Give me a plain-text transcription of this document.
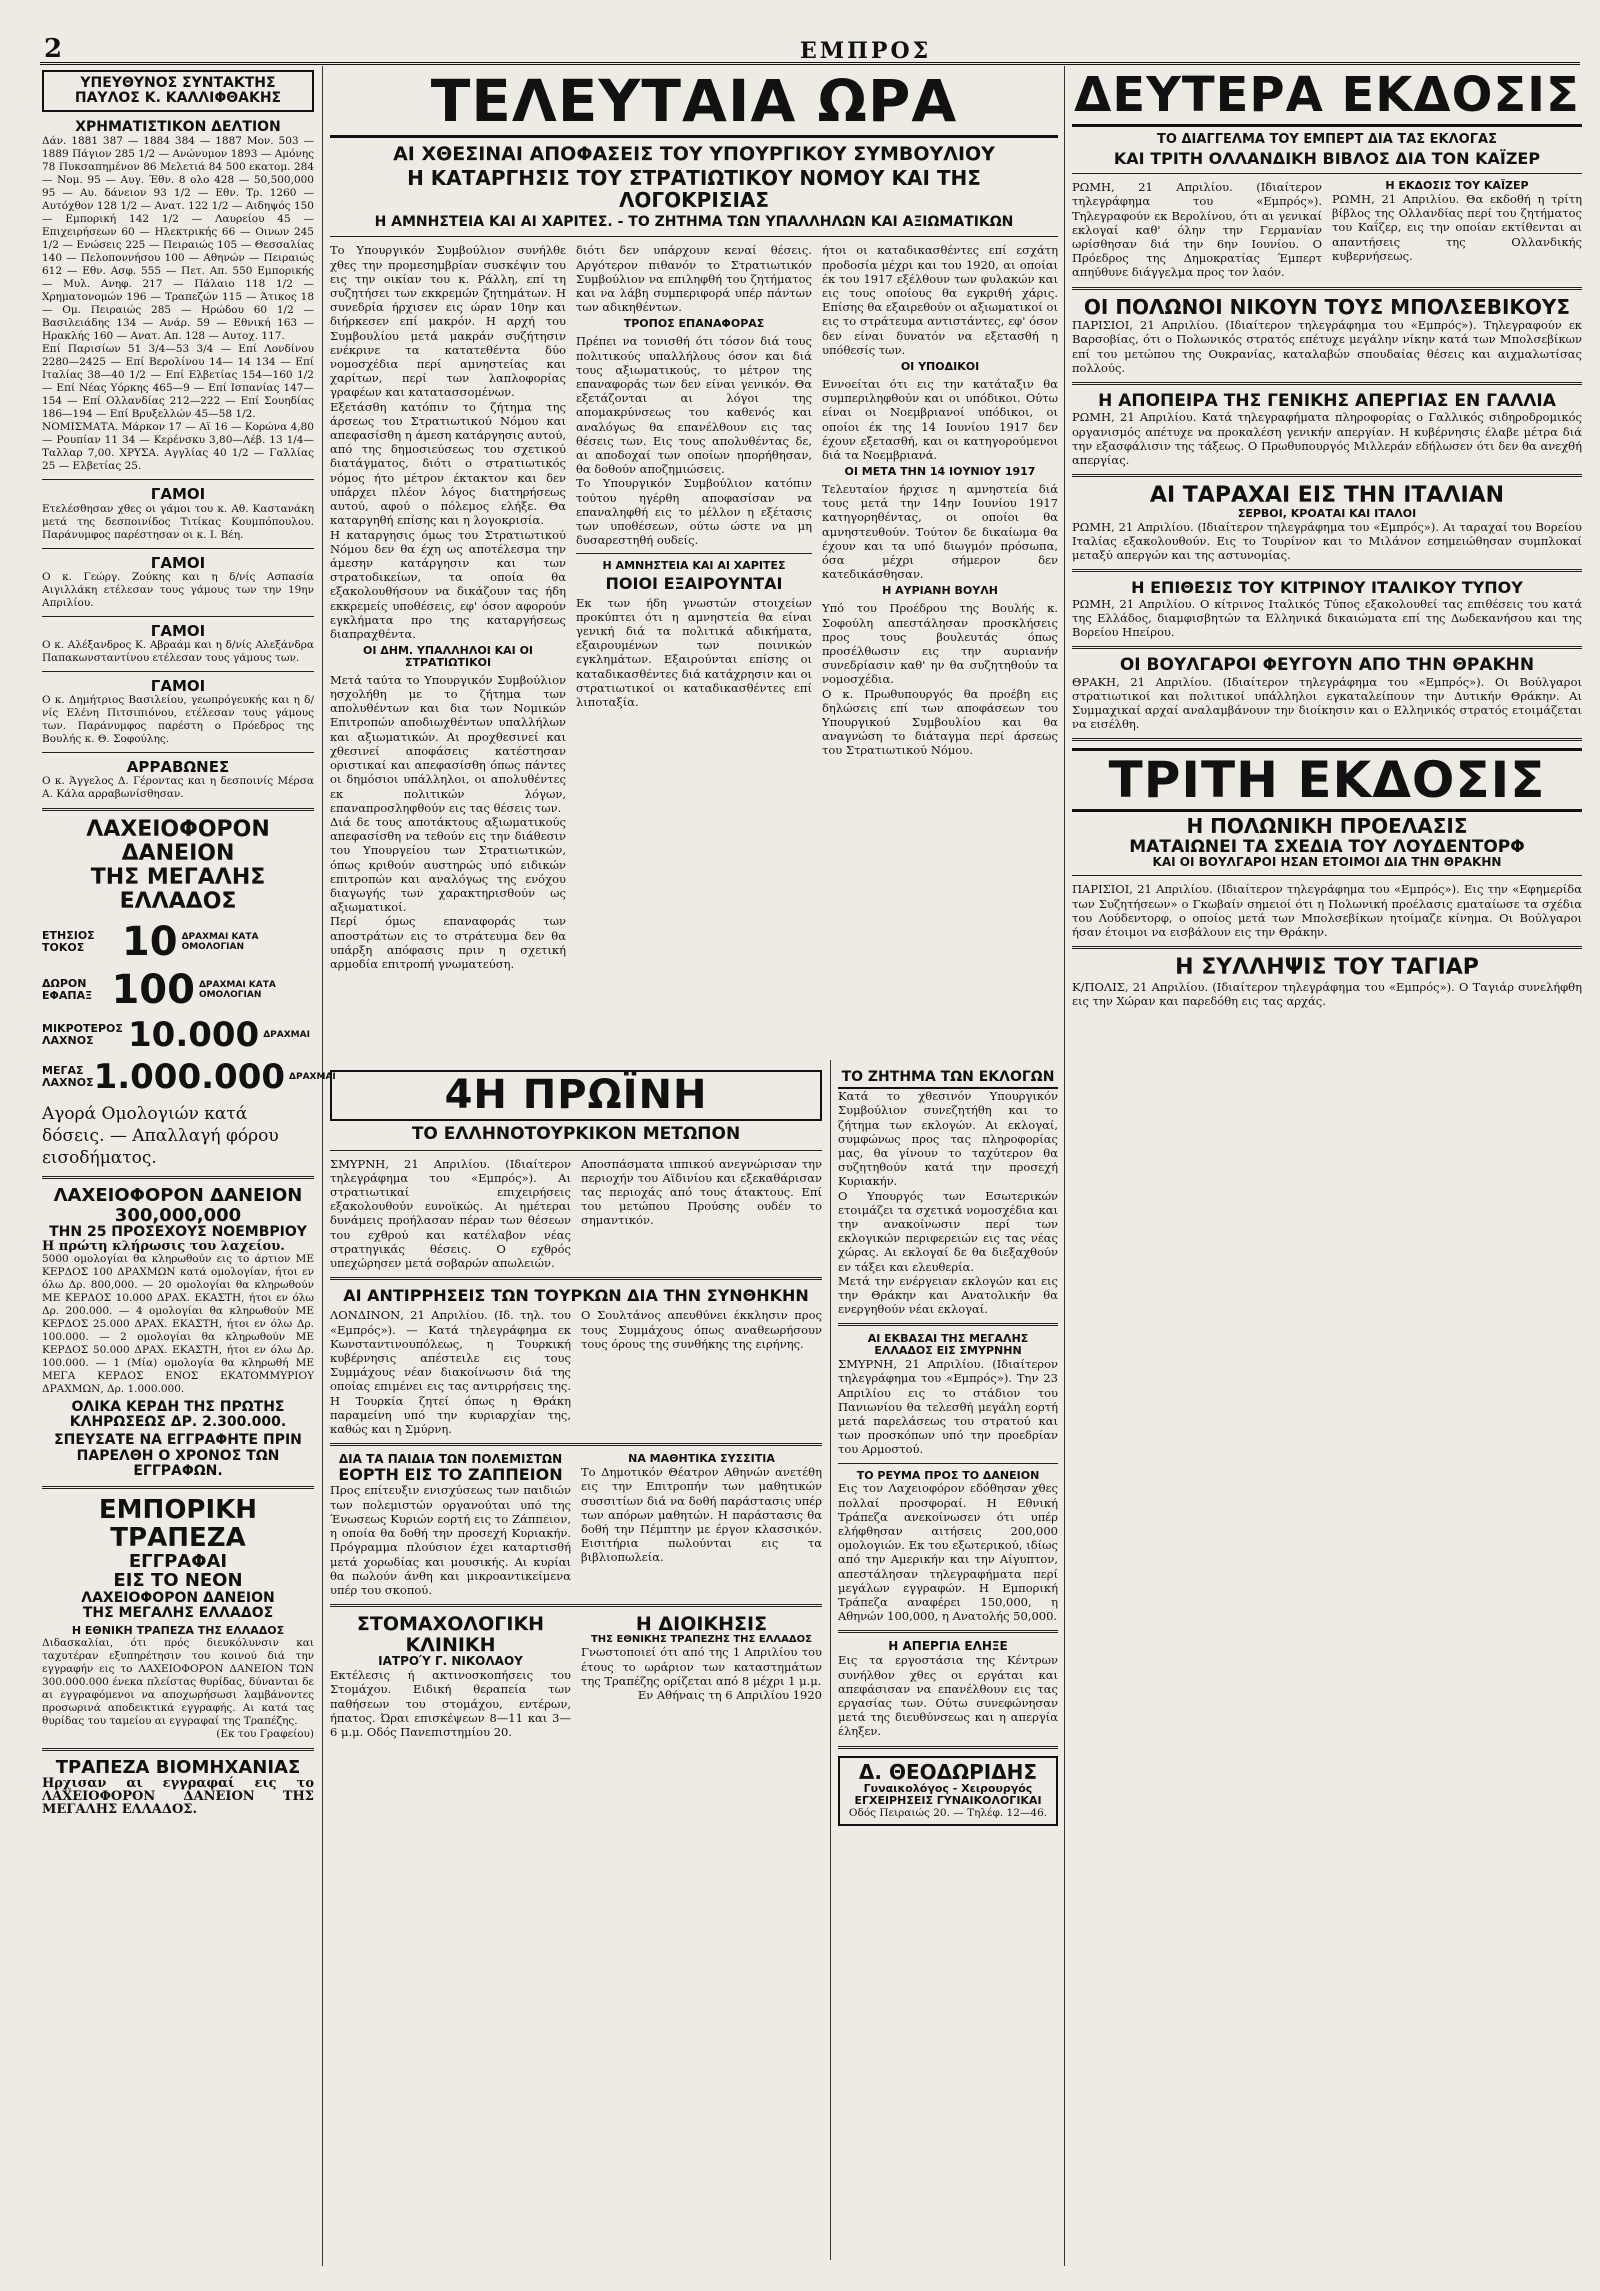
2	ΕΜΠΡΟΣ
ΥΠΕΥΘΥΝΟΣ ΣΥΝΤΑΚΤΗΣ
ΠΑΥΛΟΣ Κ. ΚΑΛΛΙΦΘΑΚΗΣ
ΧΡΗΜΑΤΙΣΤΙΚΟΝ ΔΕΛΤΙΟΝ

Δάν. 1881 387 — 1884 384 — 1887 Μον. 503 — 1889 Πάγιον 285 1/2 — Ανώνυμον 1893 — Αμόνης 78 Πυκσαπημένον 86 Μελετιά 84 500 εκατομ. 284 — Νομ. 95 — Αυγ. Έθν. 8 ολο 428 — 50,500,000 95 — Αυ. δάνειον 93 1/2 — Εθν. Τρ. 1260 — Αυτόχθον 128 1/2 — Ανατ. 122 1/2 — Αιδηψός 150 — Εμπορική 142 1/2 — Λαυρείου 45 — Επιχειρήσεων 60 — Ηλεκτρικής 66 — Οινων 245 1/2 — Ενώσεις 225 — Πειραιώς 105 — Θεσσαλίας 140 — Πελοποννήσου 100 — Αθηνών — Πειραιώς 612 — Εθν. Ασφ. 555 — Πετ. Απ. 550 Εμπορικής — Μυλ. Ανηφ. 217 — Πάλαιο 118 1/2 — Χρηματονομών 196 — Τραπεζών 115 — Άτικος 18 — Ομ. Πειραιώς 285 — Ηρώδου 60 1/2 — Βασιλειάδης 134 — Ανάρ. 59 — Εθνική 163 — Ηρακλής 160 — Ανατ. Απ. 128 — Αυτοχ. 117.

Επί Παρισίων 51 3/4—53 3/4 — Επί Λονδίνου 2280—2425 — Επί Βερολίνου 14— 14 134 — Επί Ιταλίας 38—40 1/2 — Επί Ελβετίας 154—160 1/2 — Επί Νέας Υόρκης 465—9 — Επί Ισπανίας 147—154 — Επί Ολλανδίας 212—222 — Επί Σουηδίας 186—194 — Επί Βρυξελλών 45—58 1/2.

ΝΟΜΙΣΜΑΤΑ. Μάρκον 17 — Αϊ 16 — Κορώνα 4,80 — Ρουπίαν 11 34 — Κερένσκυ 3,80—Λέβ. 13 1/4—Ταλλαρ 7,00. ΧΡΥΣΑ. Αγγλίας 40 1/2 — Γαλλίας 25 — Ελβετίας 25.

ΓΑΜΟΙ

Ετελέσθησαν χθες οι γάμοι του κ. Αθ. Καστανάκη μετά της δεσποινίδος Τιτίκας Κουμπόπουλου. Παράνυμφος παρέστησαν οι κ. Ι. Βέη.

ΓΑΜΟΙ

Ο κ. Γεώργ. Ζούκης και η δ/νίς Ασπασία Αιγιλλάκη ετέλεσαν τους γάμους των την 19ην Απριλίου.

ΓΑΜΟΙ

Ο κ. Αλέξανδρος Κ. Αβραάμ και η δ/νίς Αλεξάνδρα Παπακωνσταντίνου ετέλεσαν τους γάμους των.

ΓΑΜΟΙ

Ο κ. Δημήτριος Βασιλείου, γεωπρόγευκής και η δ/νίς Ελένη Πιτσιπιόνου, ετέλεσαν τους γάμους των. Παράνυμφος παρέστη ο Πρόεδρος της Βουλής κ. Θ. Σοφούλης.

ΑΡΡΑΒΩΝΕΣ

Ο κ. Άγγελος Δ. Γέροντας και η δεσποινίς Μέρσα Α. Κάλα αρραβωνίσθησαν.

ΛΑΧΕΙΟΦΟΡΟΝ ΔΑΝΕΙΟΝ
ΤΗΣ ΜΕΓΑΛΗΣ ΕΛΛΑΔΟΣ
ΕΤΗΣΙΟΣ ΤΟΚΟΣ 10 ΔΡΑΧΜΑΙ ΚΑΤΑ ΟΜΟΛΟΓΙΑΝ
ΔΩΡΟΝ ΕΦΑΠΑΞ 100 ΔΡΑΧΜΑΙ ΚΑΤΑ ΟΜΟΛΟΓΙΑΝ
ΜΙΚΡΟΤΕΡΟΣ ΛΑΧΝΟΣ	10.000 ΔΡΑΧΜΑΙ
ΜΕΓΑΣ ΛΑΧΝΟΣ 1.000.000 ΔΡΑΧΜΑΙ

Αγορά Ομολογιών κατά δόσεις. — Απαλλαγή φόρου εισοδήματος.

ΛΑΧΕΙΟΦΟΡΟΝ ΔΑΝΕΙΟΝ 300,000,000
ΤΗΝ 25 ΠΡΟΣΕΧΟΥΣ ΝΟΕΜΒΡΙΟΥ

Η πρώτη κλήρωσις του λαχείου.

5000 ομολογίαι θα κληρωθούν εις το άρτιον ΜΕ ΚΕΡΔΟΣ 100 ΔΡΑΧΜΩΝ κατά ομολογίαν, ήτοι εν όλω Δρ. 800,000. — 20 ομολογίαι θα κληρωθούν ΜΕ ΚΕΡΔΟΣ 10.000 ΔΡΑΧ. ΕΚΑΣΤΗ, ήτοι εν όλω Δρ. 200.000. — 4 ομολογίαι θα κληρωθούν ΜΕ ΚΕΡΔΟΣ 25.000 ΔΡΑΧ. ΕΚΑΣΤΗ, ήτοι εν όλω Δρ. 100.000. — 2 ομολογίαι θα κληρωθούν ΜΕ ΚΕΡΔΟΣ 50.000 ΔΡΑΧ. ΕΚΑΣΤΗ, ήτοι εν όλω Δρ. 100.000. — 1 (Μία) ομολογία θα κληρωθή ΜΕ ΜΕΓΑ ΚΕΡΔΟΣ ΕΝΟΣ ΕΚΑΤΟΜΜΥΡΙΟΥ ΔΡΑΧΜΩΝ, Δρ. 1.000.000.

ΟΛΙΚΑ ΚΕΡΔΗ ΤΗΣ ΠΡΩΤΗΣ ΚΛΗΡΩΣΕΩΣ ΔΡ. 2.300.000.
ΣΠΕΥΣΑΤΕ ΝΑ ΕΓΓΡΑΦΗΤΕ ΠΡΙΝ ΠΑΡΕΛΘΗ Ο ΧΡΟΝΟΣ ΤΩΝ ΕΓΓΡΑΦΩΝ.
ΕΜΠΟΡΙΚΗ ΤΡΑΠΕΖΑ
ΕΓΓΡΑΦΑΙ
ΕΙΣ ΤΟ ΝΕΟΝ
ΛΑΧΕΙΟΦΟΡΟΝ ΔΑΝΕΙΟΝ
ΤΗΣ ΜΕΓΑΛΗΣ ΕΛΛΑΔΟΣ
Η ΕΘΝΙΚΗ ΤΡΑΠΕΖΑ ΤΗΣ ΕΛΛΑΔΟΣ

Διδασκαλίαι, ότι πρός διευκόλυνσιν και ταχυτέραν εξυπηρέτησιν του κοινού διά την εγγραφήν εις το ΛΑΧΕΙΟΦΟΡΟΝ ΔΑΝΕΙΟΝ ΤΩΝ 300.000.000 ένεκα πλείστας θυρίδας, δύνανται δε αι εγγραφόμενοι να αποχωρήσωσι λαμβάνοντες προσωρινά αποδεικτικά εγγραφής. Αι κατά τας θυρίδας του ταμείου αι εγγραφαί της Τραπέζης.

(Εκ του Γραφείου)

ΤΡΑΠΕΖΑ ΒΙΟΜΗΧΑΝΙΑΣ

Ηρχισαν αι εγγραφαί εις το ΛΑΧΕΙΟΦΟΡΟΝ ΔΑΝΕΙΟΝ ΤΗΣ ΜΕΓΑΛΗΣ ΕΛΛΑΔΟΣ.

ΤΕΛΕΥΤΑΙΑ ΩΡΑ
ΑΙ ΧΘΕΣΙΝΑΙ ΑΠΟΦΑΣΕΙΣ ΤΟΥ ΥΠΟΥΡΓΙΚΟΥ ΣΥΜΒΟΥΛΙΟΥ
Η ΚΑΤΑΡΓΗΣΙΣ ΤΟΥ ΣΤΡΑΤΙΩΤΙΚΟΥ ΝΟΜΟΥ ΚΑΙ ΤΗΣ ΛΟΓΟΚΡΙΣΙΑΣ
Η ΑΜΝΗΣΤΕΙΑ ΚΑΙ ΑΙ ΧΑΡΙΤΕΣ. - ΤΟ ΖΗΤΗΜΑ ΤΩΝ ΥΠΑΛΛΗΛΩΝ ΚΑΙ ΑΞΙΩΜΑΤΙΚΩΝ

Το Υπουργικόν Συμβούλιον συνήλθε χθες την προμεσημβρίαν συσκέψιν του εις την οικίαν του κ. Ράλλη, επί τη συζητήσει των εκκρεμών ζητημάτων. Η συνεδρία ήρχισεν εις ώραν 10ην και διήρκεσεν επί μακρόν. Η αρχή του Συμβουλίου μετά μακράν συζήτησιν ενέκρινε τα κατατεθέντα δύο νομοσχέδια περί αμνηστείας και χαρίτων, περί των λαπλοφορίας γραφέων και κατατασσομένων.

Εξετάσθη κατόπιν το ζήτημα της άρσεως του Στρατιωτικού Νόμου και απεφασίσθη η άμεση κατάργησις αυτού, από της δημοσιεύσεως του σχετικού διατάγματος, διότι ο στρατιωτικός νόμος ήτο μέτρον έκτακτον και δεν υπάρχει πλέον λόγος διατηρήσεως αυτού, αφού ο πόλεμος ελήξε. Θα καταργηθή επίσης και η λογοκρισία.

Η καταργησις όμως του Στρατιωτικού Νόμου δεν θα έχη ως αποτέλεσμα την άμεσην κατάργησιν και των στρατοδικείων, τα οποία θα εξακολουθήσουν να δικάζουν τας ήδη εκκρεμείς υποθέσεις, εφ' όσον αφορούν εγκλήματα προ της καταργήσεως διαπραχθέντα.

ΟΙ ΔΗΜ. ΥΠΑΛΛΗΛΟΙ ΚΑΙ ΟΙ ΣΤΡΑΤΙΩΤΙΚΟΙ

Μετά ταύτα το Υπουργικόν Συμβούλιον ησχολήθη με το ζήτημα των απολυθέντων και δια των Νομικών Επιτροπών αποδιωχθέντων υπαλλήλων και αξιωματικών. Αι προχθεσινεί και χθεσινεί αποφάσεις κατέστησαν οριστικαί και απεφασίσθη όπως πάντες οι δημόσιοι υπάλληλοι, οι απολυθέντες εκ πολιτικών λόγων, επαναπροσληφθούν εις τας θέσεις των.

Διά δε τους αποτάκτους αξιωματικούς απεφασίσθη να τεθούν εις την διάθεσιν του Υπουργείου των Στρατιωτικών, όπως κριθούν αυστηρώς υπό ειδικών επιτροπών και αναλόγως της ενόχου διαγωγής των χαρακτηρισθούν ως αξιωματικοί.

Περί όμως επαναφοράς των αποστράτων εις το στράτευμα δεν θα υπάρξη απόφασις πριν η σχετική αρμοδία επιτροπή γνωματεύση.

διότι δεν υπάρχουν κεναί θέσεις. Αργότερον πιθανόν το Στρατιωτικόν Συμβούλιον να επιληφθή του ζητήματος και να λάβη συμπεριφορά υπέρ πάντων των αδικηθέντων.

ΤΡΟΠΟΣ ΕΠΑΝΑΦΟΡΑΣ

Πρέπει να τονισθή ότι τόσον διά τους πολιτικούς υπαλλήλους όσον και διά τους αξιωματικούς, το μέτρον της επαναφοράς των δεν είναι γενικόν. Θα εξετάζονται αι λόγοι της απομακρύνσεως του καθενός και αναλόγως θα επανέλθουν εις τας θέσεις των. Εις τους απολυθέντας δε, αι αποδοχαί των οποίων ηπορήθησαν, θα δοθούν αποζημιώσεις.

Το Υπουργικόν Συμβούλιον κατόπιν τούτου ηγέρθη αποφασίσαν να επαναληφθή εις το μέλλον η εξέτασις των υποθέσεων, ούτω ώστε να μη δυσαρεστηθή ουδείς.

Η ΑΜΝΗΣΤΕΙΑ ΚΑΙ ΑΙ ΧΑΡΙΤΕΣ
ΠΟΙΟΙ ΕΞΑΙΡΟΥΝΤΑΙ

Εκ των ήδη γνωστών στοιχείων προκύπτει ότι η αμνηστεία θα είναι γενική διά τα πολιτικά αδικήματα, εξαιρουμένων των ποινικών εγκλημάτων. Εξαιρούνται επίσης οι καταδικασθέντες διά κατάχρησιν και οι στρατιωτικοί οι καταδικασθέντες επί λιποταξία.

ήτοι οι καταδικασθέντες επί εσχάτη προδοσία μέχρι και του 1920, αι οποίαι έκ του 1917 εξέλθουν των φυλακών και εις τους οποίους θα εγκριθή χάρις. Επίσης θα εξαιρεθούν οι αξιωματικοί οι εις το στράτευμα αντιστάντες, εφ' όσον δεν είναι δυνατόν να εξετασθή η υπόθεσίς των.

ΟΙ ΥΠΟΔΙΚΟΙ

Εννοείται ότι εις την κατάταξιν θα συμπεριληφθούν και οι υπόδικοι. Ούτω είναι οι Νοεμβριανοί υπόδικοι, οι οποίοι έκ της 14 Ιουνίου 1917 δεν έχουν εξετασθή, και οι κατηγορούμενοι διά τα Νοεμβριανά.

ΟΙ ΜΕΤΑ ΤΗΝ 14 ΙΟΥΝΙΟΥ 1917

Τελευταίον ήρχισε η αμνηστεία διά τους μετά την 14ην Ιουνίου 1917 κατηγορηθέντας, οι οποίοι θα αμνηστευθούν. Τούτον δε δικαίωμα θα έχουν και τα υπό διωγμόν πρόσωπα, όσα μέχρι σήμερον δεν κατεδικάσθησαν.

Η ΑΥΡΙΑΝΗ ΒΟΥΛΗ

Υπό του Προέδρου της Βουλής κ. Σοφούλη απεστάλησαν προσκλήσεις προς τους βουλευτάς όπως προσέλθωσιν εις την αυριανήν συνεδρίασιν καθ' ην θα συζητηθούν τα νομοσχέδια.

Ο κ. Πρωθυπουργός θα προέβη εις δηλώσεις επί των αποφάσεων του Υπουργικού Συμβουλίου και θα αναγνώση το διάταγμα περί άρσεως του Στρατιωτικού Νόμου.

4Η ΠΡΩΪΝΗ
ΤΟ ΕΛΛΗΝΟΤΟΥΡΚΙΚΟΝ ΜΕΤΩΠΟΝ

ΣΜΥΡΝΗ, 21 Απριλίου. (Ιδιαίτερον τηλεγράφημα του «Εμπρός»). Αι στρατιωτικαί επιχειρήσεις εξακολουθούν ευνοϊκώς. Αι ημέτεραι δυνάμεις προήλασαν πέραν των θέσεων του εχθρού και κατέλαβον νέας στρατηγικάς θέσεις. Ο εχθρός υπεχώρησεν μετά σοβαρών απωλειών.

Αποσπάσματα ιππικού ανεγνώρισαν την περιοχήν του Αϊδινίου και εξεκαθάρισαν τας περιοχάς από τους άτακτους. Επί του μετώπου Προύσης ουδέν το σημαντικόν.

ΑΙ ΑΝΤΙΡΡΗΣΕΙΣ ΤΩΝ ΤΟΥΡΚΩΝ ΔΙΑ ΤΗΝ ΣΥΝΘΗΚΗΝ

ΛΟΝΔΙΝΟΝ, 21 Απριλίου. (Ιδ. τηλ. του «Εμπρός»). — Κατά τηλεγράφημα εκ Κωνσταντινουπόλεως, η Τουρκική κυβέρνησις απέστειλε εις τους Συμμάχους νέαν διακοίνωσιν διά της οποίας επιμένει εις τας αντιρρήσεις της. Η Τουρκία ζητεί όπως η Θράκη παραμείνη υπό την κυριαρχίαν της, καθώς και η Σμύρνη.

Ο Σουλτάνος απευθύνει έκκλησιν προς τους Συμμάχους όπως αναθεωρήσουν τους όρους της συνθήκης της ειρήνης.

ΔΙΑ ΤΑ ΠΑΙΔΙΑ ΤΩΝ ΠΟΛΕΜΙΣΤΩΝ
ΕΟΡΤΗ ΕΙΣ ΤΟ ΖΑΠΠΕΙΟΝ

Προς επίτευξιν ενισχύσεως των παιδιών των πολεμιστών οργανούται υπό της Ένωσεως Κυριών εορτή εις το Ζάππειον, η οποία θα δοθή την προσεχή Κυριακήν. Πρόγραμμα πλούσιον έχει καταρτισθή μετά χορωδίας και μουσικής. Αι κυρίαι θα πωλούν άνθη και μικροαντικείμενα υπέρ του σκοπού.

ΝΑ ΜΑΘΗΤΙΚΑ ΣΥΣΣΙΤΙΑ

Το Δημοτικόν Θέατρον Αθηνών ανετέθη εις την Επιτροπήν των μαθητικών συσσιτίων διά να δοθή παράστασις υπέρ των απόρων μαθητών. Η παράστασις θα δοθή την Πέμπτην με έργον κλασσικόν. Εισιτήρια πωλούνται εις τα βιβλιοπωλεία.

ΣΤΟΜΑΧΟΛΟΓΙΚΗ ΚΛΙΝΙΚΗ
ΙΑΤΡΟΎ Γ. ΝΙΚΟΛΑΟΥ

Εκτέλεσις ή ακτινοσκοπήσεις του Στομάχου. Ειδική θεραπεία των παθήσεων του στομάχου, εντέρων, ήπατος. Ώραι επισκέψεων 8—11 και 3—6 μ.μ. Οδός Πανεπιστημίου 20.

Η ΔΙΟΙΚΗΣΙΣ
ΤΗΣ ΕΘΝΙΚΗΣ ΤΡΑΠΕΖΗΣ ΤΗΣ ΕΛΛΑΔΟΣ

Γνωστοποιεί ότι από της 1 Απριλίου του έτους το ωράριον των καταστημάτων της Τραπέζης ορίζεται από 8 μέχρι 1 μ.μ.

Εν Αθήναις τη 6 Απριλίου 1920

ΤΟ ΖΗΤΗΜΑ ΤΩΝ ΕΚΛΟΓΩΝ

Κατά το χθεσινόν Υπουργικόν Συμβούλιον συνεζητήθη και το ζήτημα των εκλογών. Αι εκλογαί, συμφώνως προς τας πληροφορίας μας, θα γίνουν το ταχύτερον θα συζητηθούν κατά την προσεχή Κυριακήν.

Ο Υπουργός των Εσωτερικών ετοιμάζει τα σχετικά νομοσχέδια και την ανακοίνωσιν περί των εκλογικών περιφερειών εις τας νέας χώρας. Αι εκλογαί δε θα διεξαχθούν εν τάξει και ελευθερία.

Μετά την ενέργειαν εκλογών και εις την Θράκην και Ανατολικήν θα ενεργηθούν νέαι εκλογαί.

ΑΙ ΕΚΒΑΣΑΙ ΤΗΣ ΜΕΓΑΛΗΣ ΕΛΛΑΔΟΣ ΕΙΣ ΣΜΥΡΝΗΝ

ΣΜΥΡΝΗ, 21 Απριλίου. (Ιδιαίτερον τηλεγράφημα του «Εμπρός»). Την 23 Απριλίου εις το στάδιον του Πανιωνίου θα τελεσθή μεγάλη εορτή μετά παρελάσεως του στρατού και των προσκόπων υπό την προεδρίαν του Αρμοστού.

ΤΟ ΡΕΥΜΑ ΠΡΟΣ ΤΟ ΔΑΝΕΙΟΝ

Εις τον Λαχειοφόρον εδόθησαν χθες πολλαί προσφοραί. Η Εθνική Τράπεζα ανεκοίνωσεν ότι υπέρ ελήφθησαν αιτήσεις 200,000 ομολογιών. Εκ του εξωτερικού, ιδίως από την Αμερικήν και την Αίγυπτον, απεστάλησαν τηλεγραφήματα περί μεγάλων εγγραφών. Η Εμπορική Τράπεζα αναφέρει 150,000, η Αθηνών 100,000, η Ανατολής 50,000.

Η ΑΠΕΡΓΙΑ ΕΛΗΞΕ

Εις τα εργοστάσια της Κέντρων συνήλθον χθες οι εργάται και απεφάσισαν να επανέλθουν εις τας εργασίας των. Ούτω συνεφώνησαν μετά της διευθύνσεως και η απεργία έληξεν.

Δ. ΘΕΟΔΩΡΙΔΗΣ
Γυναικολόγος - Χειρουργός
ΕΓΧΕΙΡΗΣΕΙΣ ΓΥΝΑΙΚΟΛΟΓΙΚΑΙ
Οδός Πειραιώς 20. — Τηλέφ. 12—46.
ΔΕΥΤΕΡΑ ΕΚΔΟΣΙΣ
ΤΟ ΔΙΑΓΓΕΛΜΑ ΤΟΥ ΕΜΠΕΡΤ ΔΙΑ ΤΑΣ ΕΚΛΟΓΑΣ
ΚΑΙ ΤΡΙΤΗ ΟΛΛΑΝΔΙΚΗ ΒΙΒΛΟΣ ΔΙΑ ΤΟΝ ΚΑΪΖΕΡ

ΡΩΜΗ, 21 Απριλίου. (Ιδιαίτερον τηλεγράφημα του «Εμπρός»). Τηλεγραφούν εκ Βερολίνου, ότι αι γενικαί εκλογαί καθ' όλην την Γερμανίαν ωρίσθησαν διά την 6ην Ιουνίου. Ο Πρόεδρος της Δημοκρατίας Έμπερτ απηύθυνε διάγγελμα προς τον λαόν.

Η ΕΚΔΟΣΙΣ ΤΟΥ ΚΑΪΖΕΡ

ΡΩΜΗ, 21 Απριλίου. Θα εκδοθή η τρίτη βίβλος της Ολλανδίας περί του ζητήματος του Καΐζερ, εις την οποίαν εκτίθενται αι απαντήσεις της Ολλανδικής κυβερνήσεως.

ΟΙ ΠΟΛΩΝΟΙ ΝΙΚΟΥΝ ΤΟΥΣ ΜΠΟΛΣΕΒΙΚΟΥΣ

ΠΑΡΙΣΙΟΙ, 21 Απριλίου. (Ιδιαίτερον τηλεγράφημα του «Εμπρός»). Τηλεγραφούν εκ Βαρσοβίας, ότι ο Πολωνικός στρατός επέτυχε μεγάλην νίκην κατά των Μπολσεβίκων επί του μετώπου της Ουκρανίας, καταλαβών σπουδαίας θέσεις και αιχμαλωτίσας πολλούς.

Η ΑΠΟΠΕΙΡΑ ΤΗΣ ΓΕΝΙΚΗΣ ΑΠΕΡΓΙΑΣ ΕΝ ΓΑΛΛΙΑ

ΡΩΜΗ, 21 Απριλίου. Κατά τηλεγραφήματα πληροφορίας ο Γαλλικός σιδηροδρομικός οργανισμός απέτυχε να προκαλέση γενικήν απεργίαν. Η κυβέρνησις έλαβε μέτρα διά την εξασφάλισιν της τάξεως. Ο Πρωθυπουργός Μιλλεράν εδήλωσεν ότι δεν θα ανεχθή απεργίας.

ΑΙ ΤΑΡΑΧΑΙ ΕΙΣ ΤΗΝ ΙΤΑΛΙΑΝ
ΣΕΡΒΟΙ, ΚΡΟΑΤΑΙ ΚΑΙ ΙΤΑΛΟΙ

ΡΩΜΗ, 21 Απριλίου. (Ιδιαίτερον τηλεγράφημα του «Εμπρός»). Αι ταραχαί του Βορείου Ιταλίας εξακολουθούν. Εις το Τουρίνον και το Μιλάνον εσημειώθησαν συμπλοκαί μεταξύ απεργών και της αστυνομίας.

Η ΕΠΙΘΕΣΙΣ ΤΟΥ ΚΙΤΡΙΝΟΥ ΙΤΑΛΙΚΟΥ ΤΥΠΟΥ

ΡΩΜΗ, 21 Απριλίου. Ο κίτρινος Ιταλικός Τύπος εξακολουθεί τας επιθέσεις του κατά της Ελλάδος, διαμφισβητών τα Ελληνικά δικαιώματα επί της Δωδεκανήσου και της Βορείου Ηπείρου.

ΟΙ ΒΟΥΛΓΑΡΟΙ ΦΕΥΓΟΥΝ ΑΠΟ ΤΗΝ ΘΡΑΚΗΝ

ΘΡΑΚΗ, 21 Απριλίου. (Ιδιαίτερον τηλεγράφημα του «Εμπρός»). Οι Βούλγαροι στρατιωτικοί και πολιτικοί υπάλληλοι εγκαταλείπουν την Δυτικήν Θράκην. Αι Συμμαχικαί αρχαί αναλαμβάνουν την διοίκησιν και ο Ελληνικός στρατός ετοιμάζεται να εισέλθη.

ΤΡΙΤΗ ΕΚΔΟΣΙΣ
Η ΠΟΛΩΝΙΚΗ ΠΡΟΕΛΑΣΙΣ
ΜΑΤΑΙΩΝΕΙ ΤΑ ΣΧΕΔΙΑ ΤΟΥ ΛΟΥΔΕΝΤΟΡΦ
ΚΑΙ ΟΙ ΒΟΥΛΓΑΡΟΙ ΗΣΑΝ ΕΤΟΙΜΟΙ ΔΙΑ ΤΗΝ ΘΡΑΚΗΝ

ΠΑΡΙΣΙΟΙ, 21 Απριλίου. (Ιδιαίτερον τηλεγράφημα του «Εμπρός»). Εις την «Εφημερίδα των Συζητήσεων» ο Γκωβαίν σημειοί ότι η Πολωνική προέλασις εματαίωσε τα σχέδια του Λούδεντορφ, ο οποίος μετά των Μπολσεβίκων ητοίμαζε κίνημα. Οι Βούλγαροι ήσαν έτοιμοι να εισβάλουν εις την Θράκην.

Η ΣΥΛΛΗΨΙΣ ΤΟΥ ΤΑΓΙΑΡ

Κ/ΠΟΛΙΣ, 21 Απριλίου. (Ιδιαίτερον τηλεγράφημα του «Εμπρός»). Ο Ταγιάρ συνελήφθη εις την Χώραν και παρεδόθη εις τας αρχάς.
